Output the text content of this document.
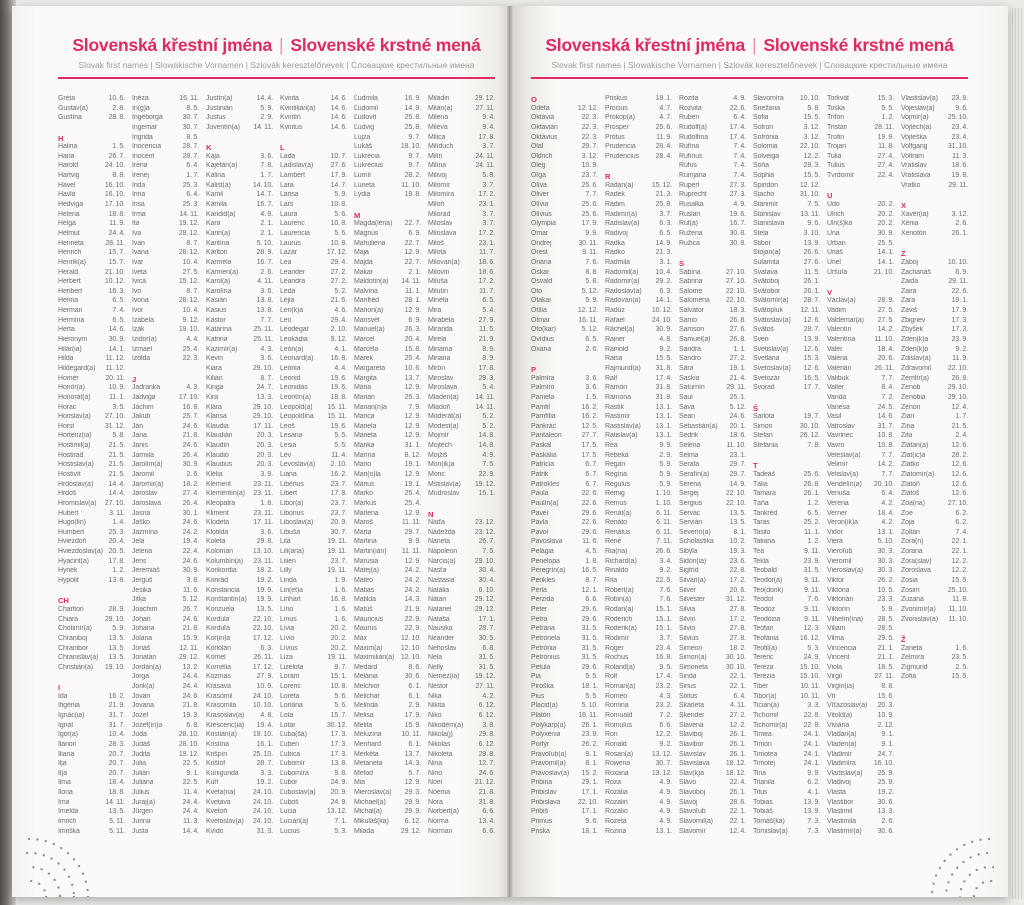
Slovenská křestní jména | Slovenské krstné mená

Slovak first names | Slowakische Vornamen | Szlovák keresztelőnevek | Словацкие крестильные имена

Gréta	10. 6.
Gustáv(a)	2. 8.
Gustína	28. 8.
H
Halina	1. 5.
Hana	26. 7.
Harold	24. 10.
Hartvig	8. 8.
Havel	16. 10.
Havla	16. 10.
Hedviga	17. 10.
Helena	18. 8.
Helga	11. 9.
Helmut	24. 4.
Henrieta	28. 11.
Henrich	15. 7.
Henrik(a)	15. 7.
Herald	21. 10.
Herbert	10. 12.
Heribert	16. 3.
Herina	6. 5.
Herman	7. 4.
Hermína	6. 5.
Herta	14. 6.
Hieronym	30. 9.
Hilár(ia)	14. 1.
Hilda	11. 12.
Hildegard(a) 11. 12.
Homér	20. 11.
Honór(a)	10. 9.
Honorát(a)	11. 1.
Horác	3. 5.
Horislav(a) 27. 10.
Horst	31. 12.
Hortenz(ia)	5. 8.
Hostimil(a)	21. 5.
Hostirad	21. 5.
Hostislav(a) 21. 5.
Hostivít	21. 5.
Hrdoslav(a) 14. 4.
Hrdoš	14. 4.
Hromislav(a) 27. 10.
Hubert	3. 11.
Hugo(lín)	1. 4.
Humbert	25. 3.
Hviezdoň	20. 4.
Hviezdoslav(a) 20. 5.
Hyacint(a)	17. 8.
Hynek	1. 2.
Hypolit	13. 8.
CH
Charlton	28. 9.
Chiara	29. 10.
Chotimír(a)	5. 9.
Chraniboj	13. 5.
Chranibor	13. 5.
Chranislav(a) 13. 5.
Christián(a) 19. 10.
I
Ida	16. 2.
Ifigénia	21. 9.
Ignác(ia)	31. 7.
Ignát	31. 7.
Igor(a)	10. 4.
Ilarion	28. 3.
Iliana	20. 7.
Ilja	20. 7.
Iľja	20. 7.
Ilma	18. 4.
Ilona	18. 8.
Ima	14. 11.
Imelda	13. 5.
Imrich	5. 11.
Imriška	5. 11.
Inéza	16. 11.
In(g)a	8. 5.
Ingeborga	30. 7.
Ingemar	30. 7.
Ingrida	8. 5.
Inocencia	28. 7.
Inocent	28. 7.
Irena	6. 4.
Irenej	1. 7.
Irida	25. 3.
Irina	6. 4.
Irisa	25. 3.
Irma	14. 11.
Ita	19. 12.
Iva	28. 12.
Ivan	8. 7.
Ivana	28. 12.
Ivar	10. 4.
Iveta	27. 5.
Ivica	15. 12.
Ivo	8. 7.
Ivona	28. 12.
Ivor	10. 4.
Izabela	9. 12.
Izák	19. 10.
Izidor(a)	4. 4.
Izmael	25. 4.
Izolda	22. 3.
J
Jadranka	4. 3.
Jadviga	17. 10.
Jáchim	16. 8.
Jakub	25. 7.
Ján	24. 6.
Jana	21. 8.
Janis	24. 6.
Jarmila	26. 4.
Jarolím(a)	30. 9.
Jaromil	2. 6.
Jaromír(a)	18. 2.
Jaroslav	27. 4.
Jaroslava	26. 4.
Jasna	30. 1.
Jaško	24. 6.
Jazmína	24. 2.
Jela	19. 4.
Jelena	22. 4.
Jens	24. 6.
Jeremiáš	30. 9.
Jerguš	3. 8.
Jesika	11. 6.
Jitka	5. 12.
Joachim	26. 7.
Johan	24. 6.
Johana	21. 8.
Jolana	15. 9.
Jonáš	12. 11.
Jonatán	29. 12.
Jordán(a)	13. 2.
Jorga	24. 4.
Jorik(a)	24. 4.
Jovan	24. 6.
Jovana	21. 8.
Jozef	19. 3.
Jozef(ín)a	6. 8.
Júda	28. 10.
Judáš	28. 10.
Judita	19. 12.
Júlia	22. 5.
Julián	9. 1.
Juliána	22. 5.
Július	11. 4.
Juraj(a)	24. 4.
Jürgen	24. 4.
Jurina	11. 3.
Justa	14. 4.
Justín(a)	14. 4.
Justinián	5. 9.
Justus	2. 9.
Juventín(a) 14. 11.
K
Kaja	3. 6.
Kajetán(a)	7. 8.
Kalina	1. 7.
Kalist(a)	14. 10.
Kamil	14. 7.
Kamila	16. 7.
Kandid(a)	4. 9.
Kara	2. 1.
Karin(a)	2. 1.
Karitína	5. 10.
Karlton	28. 9.
Karmela	16. 7.
Karmen(a)	2. 6.
Karol(a)	4. 11.
Karolína	3. 6.
Kasián	13. 8.
Kasius	13. 8.
Kastor	7. 7.
Katarína	25. 11.
Katrina	25. 11.
Kazimír(a)	4. 3.
Kevin	3. 6.
Kiara	29. 10.
Kilián	8. 7.
Kinga	24. 7.
Kira	13. 3.
Klára	29. 10.
Klarisa	29. 10.
Klaudia	17. 11.
Klaudián	20. 3.
Klaudín	20. 3.
Klaudio	20. 3.
Klaudius	20. 3.
Klélia	3. 9.
Klement	23. 11.
Klementín(a) 23. 11.
Kleopatra	1. 8.
Kliment	23. 11.
Klodeta	17. 11.
Klotilda	3. 6.
Koleta	29. 8.
Koloman	13. 10.
Kolumbín(a) 23. 11.
Konkordia	18. 2.
Konrád	19. 2.
Konstancia 19. 9.
Konštantín(a) 19. 9.
Konzuela	13. 5.
Kordula	22. 10.
Korduľa	22. 10.
Kor(in)a	17. 12.
Koriolán	6. 3.
Kornel	26. 11.
Kornélia	17. 12.
Kozmas	27. 9.
Krasava	10. 9.
Krasomil	24. 10.
Krasomila 10. 10.
Krasoslav(a) 4. 8.
Krescenc(ia) 19. 4.
Kristián(a) 19. 10.
Kristína	16. 1.
Krišpín	25. 10.
Krištof	28. 7.
Kunigunda	3. 3.
Kurt	19. 2.
Kveta(na) 24. 10.
Kvetava	24. 10.
Kvetoň	24. 10.
Kvetoslav(a) 24. 10.
Kvído	31. 3.
Kvinta	14. 6.
Kvintilián(a) 14. 6.
Kvintín	14. 6.
Kvintus	14. 6.
L
Lada	10. 7.
Ladislav(a) 27. 6.
Lambert	17. 9.
Lara	14. 7.
Larisa	5. 9.
Lars	10. 8.
Laura	5. 6.
Laurenc	10. 8.
Laurencia	5. 6.
Laurus	10. 8.
Lazár	17. 12.
Lea	29. 4.
Leander	27. 2.
Leandra	27. 2.
Leda	5. 2.
Lejla	21. 6.
Len(k)a	4. 6.
Leo	29. 4.
Leodegar	2. 10.
Leokádia	9. 12.
León(a)	4. 1.
Leonard(a) 16. 8.
Leónia	4. 4.
Leonid	19. 6.
Leonidas	19. 6.
Leontín(a)	18. 8.
Leopold(a) 15. 11.
Leopoldína 15. 11.
Leoš	19. 6.
Lesana	5. 5.
Lesia	5. 5.
Lev	11. 4.
Levoslav(a) 2. 10.
Liana	16. 2.
Libérius	23. 7.
Libert	17. 8.
Libor(a)	23. 7.
Liborius	23. 7.
Liboslav(a) 20. 9.
Libuša	30. 7.
Lila	19. 11.
Lili(ana)	19. 11.
Lilien	23. 7.
Lilly	19. 11.
Linda	1. 9.
Lin(et)a	1. 6.
Linhart	16. 8.
Líno	1. 6.
Línus	1. 6.
Lívia	20. 2.
Lívio	20. 2.
Lívius	20. 2.
Líza	19. 11.
Lizelota	9. 7.
Loránt	15. 1.
Lorenc	10. 8.
Loreta	5. 6.
Loriána	5. 6.
Lota	15. 7.
Lotar	30. 12.
Ľuba(ša)	17. 3.
Ľuben	17. 3.
Ľubica	17. 3.
Ľubomír	13. 8.
Ľubomíra	9. 8.
Ľubor	24. 9.
Ľuboslav(a) 20. 9.
Ľuboš	24. 9.
Lucia	13. 12.
Lucián(a)	7. 1.
Lucius	5. 3.
Ľudmila	16. 9.
Ľudomil	14. 9.
Ľudovít	25. 8.
Ľudvig	25. 8.
Lujza	9. 7.
Lukáš	18. 10.
Lukrécia	9. 7.
Lukrécius	9. 7.
Lumír	28. 2.
Luneta	11. 10.
Lýdia	19. 8.
M
Magda(léna) 22. 7.
Magnus	6. 9.
Mahuliena	22. 7.
Maja	12. 9.
Majda	22. 7.
Makar	2. 1.
Maldotín(a) 14. 11.
Malvína	11. 1.
Manfréd	28. 1.
Manon(a)	12. 9.
Mansvét	6. 9.
Manuel(a)	26. 3.
Marcel	20. 4.
Marcela	15. 8.
Marek	25. 4.
Margaréta	10. 6.
Margita	13. 7.
Mária	12. 9.
Marián	25. 3.
Marian(n)a	7. 9.
Marica	12. 9.
Mariela	12. 9.
Marieta	12. 9.
Marika	31. 1.
Marína	8. 12.
Mário	19. 1.
Mari(o)la	12. 9.
Márius	19. 1.
Marko	25. 4.
Markus	25. 4.
Marlena	12. 9.
Maroš	11. 11.
Marta	29. 7.
Martina	9. 9.
Martin(ián) 11. 11.
Marusia	12. 9.
Matej(a)	24. 2.
Mateo	24. 2.
Matias	24. 2.
Matilda	14. 3.
Matúš	21. 9.
Mauricius	22. 9.
Maurus	22. 9.
Max	12. 10.
Maxim(a)	12. 10.
Maximilián(a) 12. 10.
Medard	8. 6.
Melánia	30. 6.
Melchior	6. 1.
Melichar	6. 1.
Melinda	2. 9.
Melisa	17. 9.
Melita	15. 9.
Meluzína	10. 11.
Menhard	6. 1.
Merkéta	13. 7.
Metaneta	14. 3.
Metod	5. 7.
Mia	12. 9.
Mieroslav(a) 29. 3.
Michael(a)	29. 9.
Michal(a)	29. 9.
Mikuláš(ka) 6. 12.
Milada	29. 12.
Miladin	29. 12.
Milan(a)	27. 11.
Milena	9. 4.
Mileva	9. 4.
Milica	17. 8.
Milíduch	3. 7.
Milín	24. 11.
Milína	24. 11.
Milivoj	5. 8.
Milomír	3. 7.
Milomíra	17. 2.
Miloň	23. 1.
Milorad	3. 7.
Miloslav	3. 7.
Miloslava	17. 2.
Miloš	23. 1.
Milota	11. 7.
Milovan(a)	18. 6.
Milovín	18. 6.
Miluša	17. 2.
Milutín	11. 7.
Mineta	6. 5.
Mira	5. 4.
Mirabela	27. 9.
Miranda	11. 5.
Mirela	21. 9.
Miriama	8. 9.
Miriana	8. 9.
Mirón	17. 8.
Miroslav	29. 3.
Miroslava	5. 4.
Mladen(a) 14. 11.
Mladoň	14. 11.
Moderát(a)	5. 2.
Modest(a)	5. 2.
Mojmír	14. 8.
Mojtech	14. 8.
Mojžiš	4. 9.
Mon(ik)a	7. 5.
Móric	22. 9.
Mstislav(a) 19. 12.
Múdroslav	15. 1.
N
Naďa	23. 12.
Nadežda	23. 12.
Naneta	26. 7.
Napoleon	7. 5.
Narcis(a)	29. 10.
Nasťa	30. 4.
Nastasia	30. 4.
Natália	6. 10.
Nátan	29. 12.
Natanel	29. 12.
Nataša	17. 1.
Nausika	28. 7.
Neander	30. 5.
Nehoslav	6. 8.
Nela	31. 5.
Nelly	31. 5.
Neméz(ia) 19. 12.
Nestor	27. 11.
Nika	4. 2.
Nikita	6. 12.
Niko	6. 12.
Nikodém(a)	3. 8.
Nikola(j)	29. 8.
Nikolas	6. 12.
Nikoleta	29. 8.
Nina	12. 7.
Nino	24. 6.
Noel	21. 12.
Noema	21. 8.
Nora	31. 8.
Norbert(a)	6. 6.
Norma	13. 4.
Norman	6. 6.
Slovenská křestní jména | Slovenské krstné mená

Slovak first names | Slowakische Vornamen | Szlovák keresztelőnevek | Словацкие крестильные имена

O
Odeta	12. 12.
Oktávia	22. 3.
Oktavián	22. 3.
Oktávius	22. 3.
Olaf	29. 7.
Oldrich	3. 12.
Oleg	10. 9.
Oľga	23. 7.
Olíva	25. 6.
Oliver	7. 7.
Olívia	25. 6.
Olívius	25. 6.
Olympia	17. 9.
Omar	9. 9.
Ondrej	30. 11.
Orest	9. 11.
Oriána	7. 6.
Oskar	8. 8.
Osvald	5. 8.
Oto	5. 12.
Otakar	5. 9.
Otília	12. 12.
Otmar	16. 11.
Oto(kar)	5. 12.
Ovídius	6. 5.
Oxana	2. 6.
P
Palmíra	3. 6.
Palmíro	3. 6.
Pamela	1. 5.
Pamfil	16. 2.
Pamfília	16. 2.
Pankrác	12. 5.
Pantaleon	27. 7.
Paskal	17. 5.
Paskália	17. 5.
Patrícia	6. 7.
Patrik	6. 7.
Patrokles	6. 7.
Paula	22. 6.
Paulín(a)	22. 6.
Pavel	29. 6.
Pavla	22. 6.
Pavol	29. 6.
Pavoslava	11. 6.
Pelágia	4. 5.
Penelopa	1. 8.
Peregrín(a) 16. 5.
Perikles	8. 7.
Perla	12. 1.
Perzida	6. 6.
Peter	29. 6.
Petra	29. 6.
Petrana	31. 5.
Petronela	31. 5.
Petrónia	31. 5.
Petrónius	31. 5.
Petula	29. 6.
Pia	5. 5.
Piroška	18. 1.
Pius	5. 5.
Placid(a)	5. 10.
Platón	18. 11.
Polykarp(a) 26. 1.
Polyxénia	23. 9.
Porfýr	26. 2.
Pravoľub(a)	9. 1.
Pravomil(a)	8. 1.
Pravoslav(a) 15. 2.
Pribina	29. 1.
Pribislav	17. 1.
Pribislava 22. 10.
Pribiš	17. 1.
Primus	9. 6.
Priska	18. 1.
Priskus	18. 1.
Procius	4. 7.
Prokop(a)	4. 7.
Prosper	25. 6.
Prótus	11. 9.
Prudencia	28. 4.
Prudencius 28. 4.
R
Radan(a)	15. 12.
Radek	21. 3.
Radim	25. 8.
Radimír(a)	3. 7.
Radislav(a)	6. 3.
Radivoj	6. 5.
Radka	14. 9.
Radko	21. 3.
Radmila	3. 1.
Radomil(a) 10. 4.
Radomír(a) 29. 2.
Radoslav(a)	6. 3.
Radovan(a) 14. 1.
Radúz	10. 12.
Rafael	24. 10.
Ráchel(a)	30. 9.
Rainer	4. 8.
Rainold	9. 2.
Raisa	15. 5.
Rajmund(a) 31. 8.
Ralf	17. 4.
Ramón	31. 8.
Ramona	31. 8.
Rastik	13. 1.
Rastimír	13. 1.
Rastislav(a) 13. 1.
Ratislav(a)	13. 1.
Rea	9. 9.
Rebeka	2. 9.
Regan	5. 9.
Regína	5. 9.
Regulus	5. 9.
Remig	1. 10.
Remus	1. 10.
Renát(a)	6. 11.
Renáto	6. 11.
Renátus	6. 11.
René	7. 11.
Ria(na)	26. 6.
Richard(a)	3. 4.
Rinaldo	9. 2.
Rita	22. 5.
Róbert(a)	7. 6.
Robin(a)	7. 6.
Rodan(a)	15. 1.
Roderich	15. 1.
Roderik(a)	15. 1.
Rodimír	3. 7.
Roger	23. 4.
Rochus	16. 8.
Roland(a)	9. 5.
Rolf	17. 4.
Roman(a)	23. 2.
Romeo	4. 3.
Romina	23. 2.
Romuald	7. 2.
Romulus	6. 6.
Ron	12. 2.
Ronald	9. 2.
Rosan(a)	13. 12.
Rowena	30. 7.
Roxana	13. 12.
Róza	4. 9.
Rozália	4. 9.
Rozalin	4. 9.
Rozálio	4. 9.
Rozeta	4. 9.
Rozina	13. 1.
Rozita	4. 9.
Rozvita	22. 6.
Ruben	6. 4.
Rudolf(a)	17. 4.
Rudolfína	17. 4.
Rufína	7. 4.
Rufínus	7. 4.
Rúfus	7. 4.
Rumjana	7. 4.
Rupert	27. 3.
Ruprecht	27. 3.
Rusalka	4. 9.
Ruslan	19. 6.
Rút(a)	16. 7.
Ružena	30. 8.
Ružica	30. 8.
S
Sabína	27. 10.
Sabrina	27. 10.
Salome	22. 10.
Saloména 22. 10.
Salvátor	18. 3.
Samo	26. 8.
Samson	27. 6.
Samuel(a)	26. 8.
Sandra	1. 1.
Sandro	27. 2.
Sára	19. 1.
Saskia	21. 4.
Saturnín	29. 11.
Saul	25. 1.
Sáva	5. 12.
Sean	24. 6.
Sebastián(a) 20. 1.
Sedrik	18. 6.
Selena	11. 10.
Selma	23. 1.
Serafa	29. 7.
Serafín(a)	29. 7.
Serena	14. 9.
Sergej	22. 10.
Sergius	22. 10.
Servác	13. 5.
Servián	13. 5.
Severín(a)	8. 1.
Scholastika 10. 2.
Sibyla	19. 3.
Sidón(ia)	23. 6.
Sigfríd	22. 8.
Silván(a)	17. 2.
Silver	20. 6.
Silvester	31. 12.
Silvia	27. 8.
Silvín	17. 2.
Silvio	27. 8.
Silvius	27. 8.
Simeon	18. 2.
Simon(a)	30. 10.
Simoneta	30. 10.
Sinda	22. 1.
Sirius	22. 1.
Sixtus	6. 4.
Skarleta	4. 11.
Skender	27. 2.
Slavena	12. 2.
Slaviboj	26. 1.
Slavibor	26. 1.
Slavislav	26. 1.
Slavislava 18. 12.
Sláv(k)a	18. 12.
Slávo	22. 4.
Slavoboj	26. 1.
Slavoj	28. 6.
Slavoľub	22. 1.
Slavomil(a) 22. 1.
Slavomír	12. 4.
Slavomíra 10. 10.
Snežana	5. 8.
Sofia	15. 5.
Sofron	3. 12.
Sofrónia	3. 12.
Solomia	22. 10.
Solveiga	12. 2.
Soňa	28. 3.
Sophia	15. 5.
Spiridon	12. 12.
Stacho	31. 10.
Stanimír	7. 5.
Stanislav	13. 11.
Stanislava	9. 6.
Stela	3. 10.
Stibor	13. 9.
Stojan(a)	26. 6.
Sulamita	27. 6.
Svatava	11. 5.
Svätoboj	26. 1.
Svätobor	26. 1.
Svätomír(a) 28. 7.
Svätopluk	12. 11.
Svätoslav(a) 12. 6.
Svätoš	28. 7.
Sven	13. 9.
Svetislav(a) 12. 6.
Svetlana	15. 3.
Svetoslav(a) 12. 6.
Svetozár	16. 5.
Svorad	17. 7.
Š
Šarlota	19. 7.
Šimon	30. 10.
Štefan	26. 12.
Štefánia	7. 8.
T
Tadeáš	25. 6.
Tália	26. 8.
Tamara	26. 1.
Táňa	1. 2.
Tankréd	6. 5.
Taras	25. 2.
Tasilo	11. 1.
Tatiana	1. 2.
Tea	9. 11.
Tekla	23. 9.
Teobald	31. 5.
Teodor(a)	9. 11.
Teo(dorik)	9. 11.
Teodot	7. 6.
Teodóz	9. 11.
Teodózia	9. 11.
Teofan	12. 3.
Teofánia	16. 12.
Teofil(a)	5. 3.
Terenc	24. 9.
Tereza	15. 10.
Terézia	15. 10.
Tiber	10. 11.
Tibor(a)	10. 11.
Tician(a)	3. 3.
Tichomil	22. 8.
Tichomír(a) 22. 8.
Timea	24. 1.
Timon	24. 1.
Timotea	24. 1.
Timotej	24. 1.
Tina	9. 9.
Titanila	6. 2.
Titus	4. 1.
Tobias	13. 9.
Tobiáš	13. 9.
Tomáš(ka)	7. 3.
Tomislav(a)	7. 3.
Torkvát	15. 3.
Toska	5. 5.
Trifon	1. 2.
Tristan	28. 11.
Trofin	19. 9.
Trojan	11. 8.
Tulia	27. 4.
Tulius	27. 4.
Tvrdomír	22. 4.
U
Udo	20. 2.
Ulrich	20. 2.
Ulri(š)ka	20. 2.
Una	30. 9.
Urban	25. 5.
Uriáš	14. 1.
Uriel	14. 1.
Uršuľa	21. 10.
V
Václav(a)	28. 9.
Vadim	27. 5.
Valdemar(a) 27. 5.
Valentín	14. 2.
Valentína	11. 10.
Valér	18. 4.
Valéria	20. 6.
Valerián	26. 11.
Valibuk	7. 7.
Valter	8. 4.
Vanda	7. 2.
Vanesa	24. 5.
Vasil	14. 6.
Vatroslav	31. 7.
Vavrinec	10. 8.
Vavro	10. 8.
Veleslav(a)	7. 7.
Velimír	14. 2.
Velislav(a)	7. 7.
Vendelín(a) 20. 10.
Venuša	6. 4.
Verena	4. 2.
Verner	18. 4.
Veron(ik)a	4. 2.
Vidor	13. 1.
Viera	5. 10.
Vieroľub	30. 3.
Vieromil	30. 3.
Vieroslav(a) 30. 3.
Viktor	26. 2.
Viktória	10. 5.
Viktorián	23. 3.
Viktorín	5. 9.
Vilhelm(ína) 28. 5.
Viliam	28. 5.
Vilma	29. 5.
Vincencia	21. 1.
Vincent	21. 1.
Viola	18. 5.
Virgil	27. 11.
Virgín(ia)	8. 8.
Vít	15. 6.
Víťazoslav(a) 20. 3.
Vitold(a)	10. 9.
Viviána	2. 12.
Vladan(a)	9. 1.
Vladen(a)	9. 1.
Vladimír	24. 7.
Vladimíra	16. 10.
Vladislav(a) 25. 9.
Vladivoj	25. 9.
Vlasta	19. 2.
Vlastibor	30. 6.
Vlastimil	13. 3.
Vlastimila	2. 6.
Vlastimír(a) 30. 6.
Vlastislav(a) 23. 8.
Vojeslav(a)	9. 6.
Vojmír(a)	25. 10.
Vojtech(a)	23. 4.
Vojteška	23. 4.
Volfgang	31. 10.
Voltram	11. 3.
Vratislav	18. 6.
Vratislava	19. 8.
Vratko	29. 11.
X
Xavér(ia)	3. 12.
Xénia	2. 6.
Xenofón	26. 1.
Z
Záboj	10. 10.
Zachariáš	6. 9.
Zaida	29. 11.
Zaira	22. 6.
Zara	19. 1.
Záviš	17. 9.
Zbignev	17. 3.
Zbyšek	17. 3.
Zden(k)a	23. 9.
Zden(k)o	9. 2.
Zdislav(a)	11. 9.
Zdravomil 22. 10.
Zemfír(a)	26. 8.
Zenob	29. 10.
Zenóbia	29. 10.
Zenon	12. 4.
Zian	1. 7.
Zina	21. 5.
Zita	2. 4.
Zlatan(a)	12. 6.
Zlat(ic)a	28. 2.
Zlatko	12. 6.
Zlatomír(a)	12. 6.
Zlatoň	12. 6.
Zlatoš	12. 6.
Zoa(na)	27. 10.
Zoe	6. 2.
Zoja	6. 2.
Zoltán	7. 4.
Zora(n)	22. 1.
Zorana	22. 1.
Zora(slav)	12. 2.
Zoroslava	12. 2.
Zosia	15. 5.
Zosim	25. 10.
Zuzana	11. 8.
Zvonimír(a) 11. 10.
Zvonislav(a) 11. 10.
Ž
Žaneta	1. 6.
Želmíra	23. 5.
Žigmund	2. 5.
Žofia	15. 5.
